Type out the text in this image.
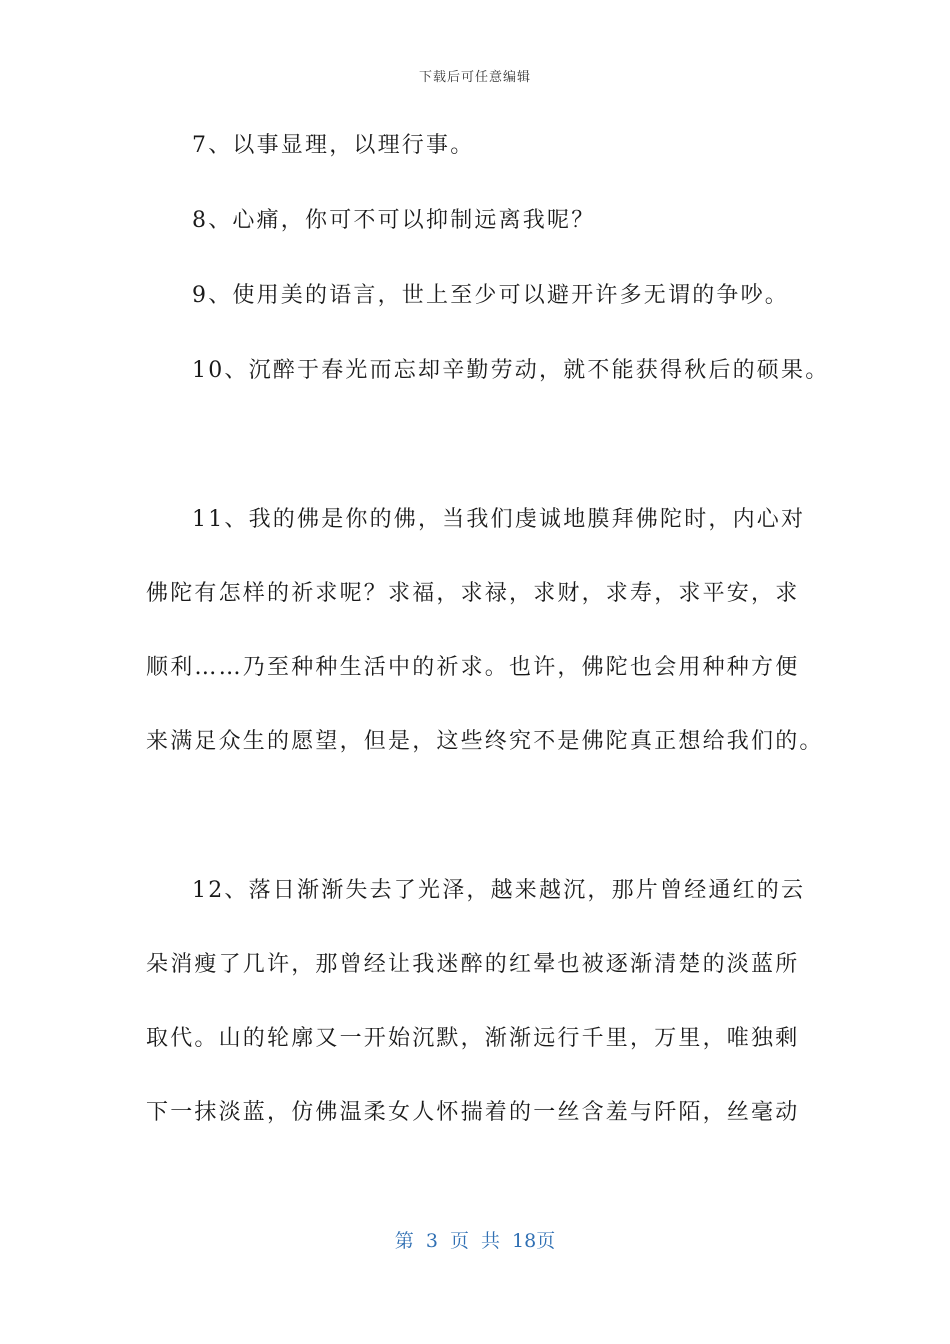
下载后可任意编辑
7、以事显理，以理行事。
8、心痛，你可不可以抑制远离我呢？
9、使用美的语言，世上至少可以避开许多无谓的争吵。
10、沉醉于春光而忘却辛勤劳动，就不能获得秋后的硕果。
11、我的佛是你的佛，当我们虔诚地膜拜佛陀时，内心对
佛陀有怎样的祈求呢？求福，求禄，求财，求寿，求平安，求
顺利……乃至种种生活中的祈求。也许，佛陀也会用种种方便
来满足众生的愿望，但是，这些终究不是佛陀真正想给我们的。
12、落日渐渐失去了光泽，越来越沉，那片曾经通红的云
朵消瘦了几许，那曾经让我迷醉的红晕也被逐渐清楚的淡蓝所
取代。山的轮廓又一开始沉默，渐渐远行千里，万里，唯独剩
下一抹淡蓝，仿佛温柔女人怀揣着的一丝含羞与阡陌，丝毫动
第 3 页 共 18页
